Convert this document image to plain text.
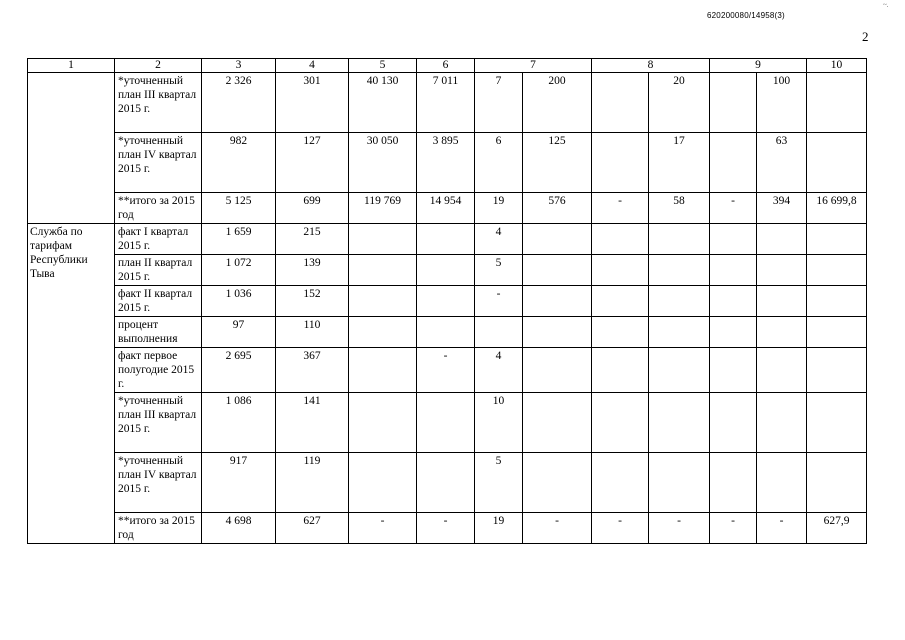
620200080/14958(3)
~.
2
1	2	3	4	5	6	7		8		9		10
	*уточненный план III квартал 2015 г.	2 326	301	40 130	7 011	7	200		20		100	
	*уточненный план IV квартал 2015 г.	982	127	30 050	3 895	6	125		17		63	
	**итого за 2015 год	5 125	699	119 769	14 954	19	576	-	58	-	394	16 699,8
Служба по тарифам Республики Тыва	факт I квартал 2015 г.	1 659	215			4						
	план II квартал 2015 г.	1 072	139			5						
	факт II квартал 2015 г.	1 036	152			-						
	процент выполнения	97	110									
	факт первое полугодие 2015 г.	2 695	367		-	4						
	*уточненный план III квартал 2015 г.	1 086	141			10						
	*уточненный план IV квартал 2015 г.	917	119			5						
	**итого за 2015 год	4 698	627	-	-	19	-	-	-	-	-	627,9
